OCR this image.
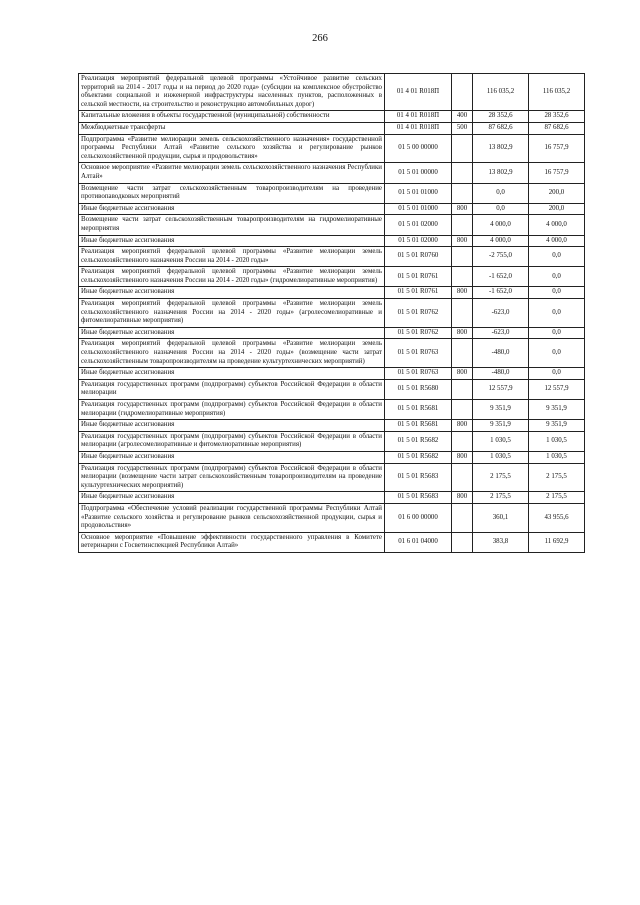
266
Реализация мероприятий федеральной целевой программы «Устойчивое развитие сельских территорий на 2014 - 2017 годы и на период до 2020 года» (субсидии на комплексное обустройство объектами социальной и инженерной инфраструктуры населенных пунктов, расположенных в сельской местности, на строительство и реконструкцию автомобильных дорог)	01 4 01 R018П		116 035,2	116 035,2
Капитальные вложения в объекты государственной (муниципальной) собственности	01 4 01 R018П	400	28 352,6	28 352,6
Межбюджетные трансферты	01 4 01 R018П	500	87 682,6	87 682,6
Подпрограмма «Развитие мелиорации земель сельскохозяйственного назначения» государственной программы Республики Алтай «Развитие сельского хозяйства и регулирование рынков сельскохозяйственной продукции, сырья и продовольствия»	01 5 00 00000		13 802,9	16 757,9
Основное мероприятие «Развитие мелиорации земель сельскохозяйственного назначения Республики Алтай»	01 5 01 00000		13 802,9	16 757,9
Возмещение части затрат сельскохозяйственным товаропроизводителям на проведение противопаводковых мероприятий	01 5 01 01000		0,0	200,0
Иные бюджетные ассигнования	01 5 01 01000	800	0,0	200,0
Возмещение части затрат сельскохозяйственным товаропроизводителям на гидромелиоративные мероприятия	01 5 01 02000		4 000,0	4 000,0
Иные бюджетные ассигнования	01 5 01 02000	800	4 000,0	4 000,0
Реализация мероприятий федеральной целевой программы «Развитие мелиорации земель сельскохозяйственного назначения России на 2014 - 2020 годы»	01 5 01 R0760		-2 755,0	0,0
Реализация мероприятий федеральной целевой программы «Развитие мелиорации земель сельскохозяйственного назначения России на 2014 - 2020 годы» (гидромелиоративные мероприятия)	01 5 01 R0761		-1 652,0	0,0
Иные бюджетные ассигнования	01 5 01 R0761	800	-1 652,0	0,0
Реализация мероприятий федеральной целевой программы «Развитие мелиорации земель сельскохозяйственного назначения России на 2014 - 2020 годы» (агролесомелиоративные и фитомелиоративные мероприятия)	01 5 01 R0762		-623,0	0,0
Иные бюджетные ассигнования	01 5 01 R0762	800	-623,0	0,0
Реализация мероприятий федеральной целевой программы «Развитие мелиорации земель сельскохозяйственного назначения России на 2014 - 2020 годы» (возмещение части затрат сельскохозяйственным товаропроизводителям на проведение культуртехнических мероприятий)	01 5 01 R0763		-480,0	0,0
Иные бюджетные ассигнования	01 5 01 R0763	800	-480,0	0,0
Реализация государственных программ (подпрограмм) субъектов Российской Федерации в области мелиорации	01 5 01 R5680		12 557,9	12 557,9
Реализация государственных программ (подпрограмм) субъектов Российской Федерации в области мелиорации (гидромелиоративные мероприятия)	01 5 01 R5681		9 351,9	9 351,9
Иные бюджетные ассигнования	01 5 01 R5681	800	9 351,9	9 351,9
Реализация государственных программ (подпрограмм) субъектов Российской Федерации в области мелиорации (агролесомелиоративные и фитомелиоративные мероприятия)	01 5 01 R5682		1 030,5	1 030,5
Иные бюджетные ассигнования	01 5 01 R5682	800	1 030,5	1 030,5
Реализация государственных программ (подпрограмм) субъектов Российской Федерации в области мелиорации (возмещение части затрат сельскохозяйственным товаропроизводителям на проведение культуртехнических мероприятий)	01 5 01 R5683		2 175,5	2 175,5
Иные бюджетные ассигнования	01 5 01 R5683	800	2 175,5	2 175,5
Подпрограмма «Обеспечение условий реализации государственной программы Республики Алтай «Развитие сельского хозяйства и регулирование рынков сельскохозяйственной продукции, сырья и продовольствия»	01 6 00 00000		360,1	43 955,6
Основное мероприятие «Повышение эффективности государственного управления в Комитете ветеринарии с Госветинспекцией Республики Алтай»	01 6 01 04000		383,8	11 692,9
